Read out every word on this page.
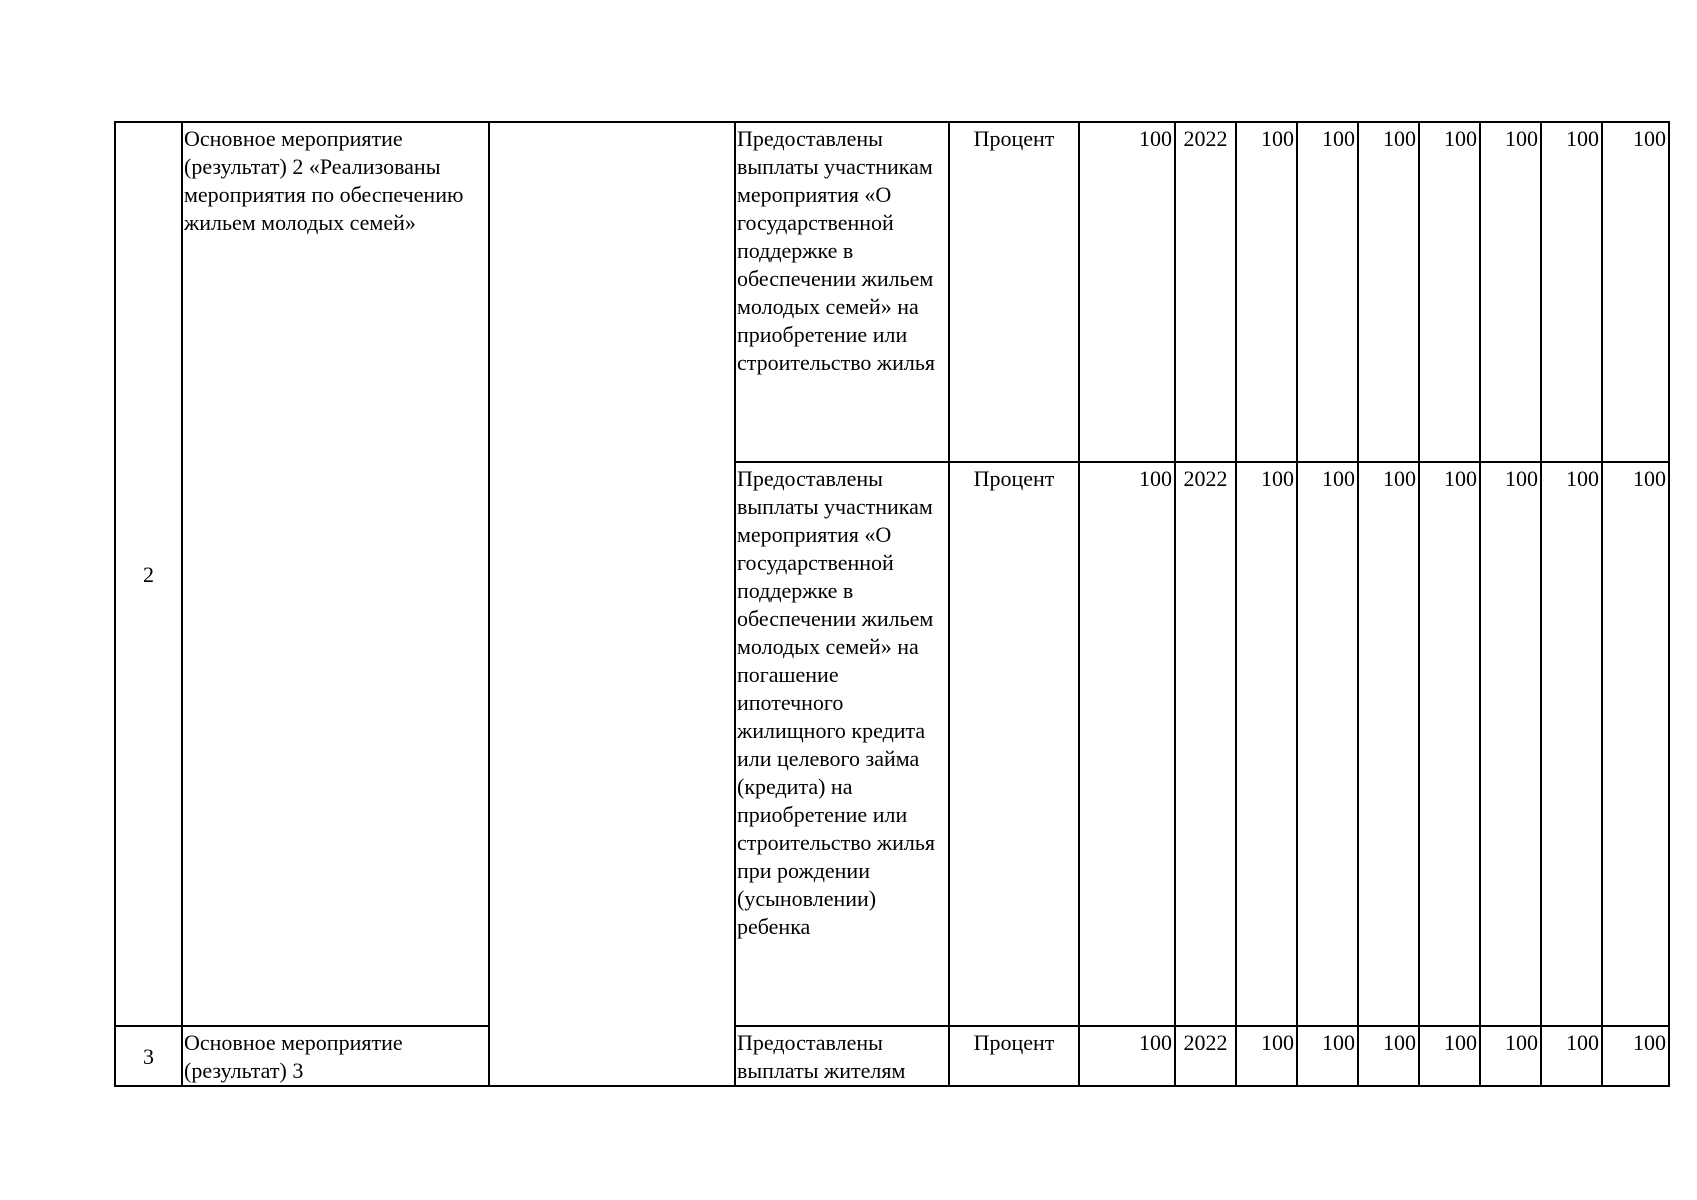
2	Основное мероприятие (результат) 2 «Реализованы мероприятия по обеспечению жильем молодых семей»		Предоставлены выплаты участникам мероприятия «О государственной поддержке в обеспечении жильем молодых семей» на приобретение или строительство жилья	Процент	100	2022	100	100	100	100	100	100	100
			Предоставлены выплаты участникам мероприятия «О государственной поддержке в обеспечении жильем молодых семей» на погашение ипотечного жилищного кредита или целевого займа (кредита) на приобретение или строительство жилья при рождении (усыновлении) ребенка	Процент	100	2022	100	100	100	100	100	100	100
3	Основное мероприятие (результат) 3		Предоставлены выплаты жителям	Процент	100	2022	100	100	100	100	100	100	100
